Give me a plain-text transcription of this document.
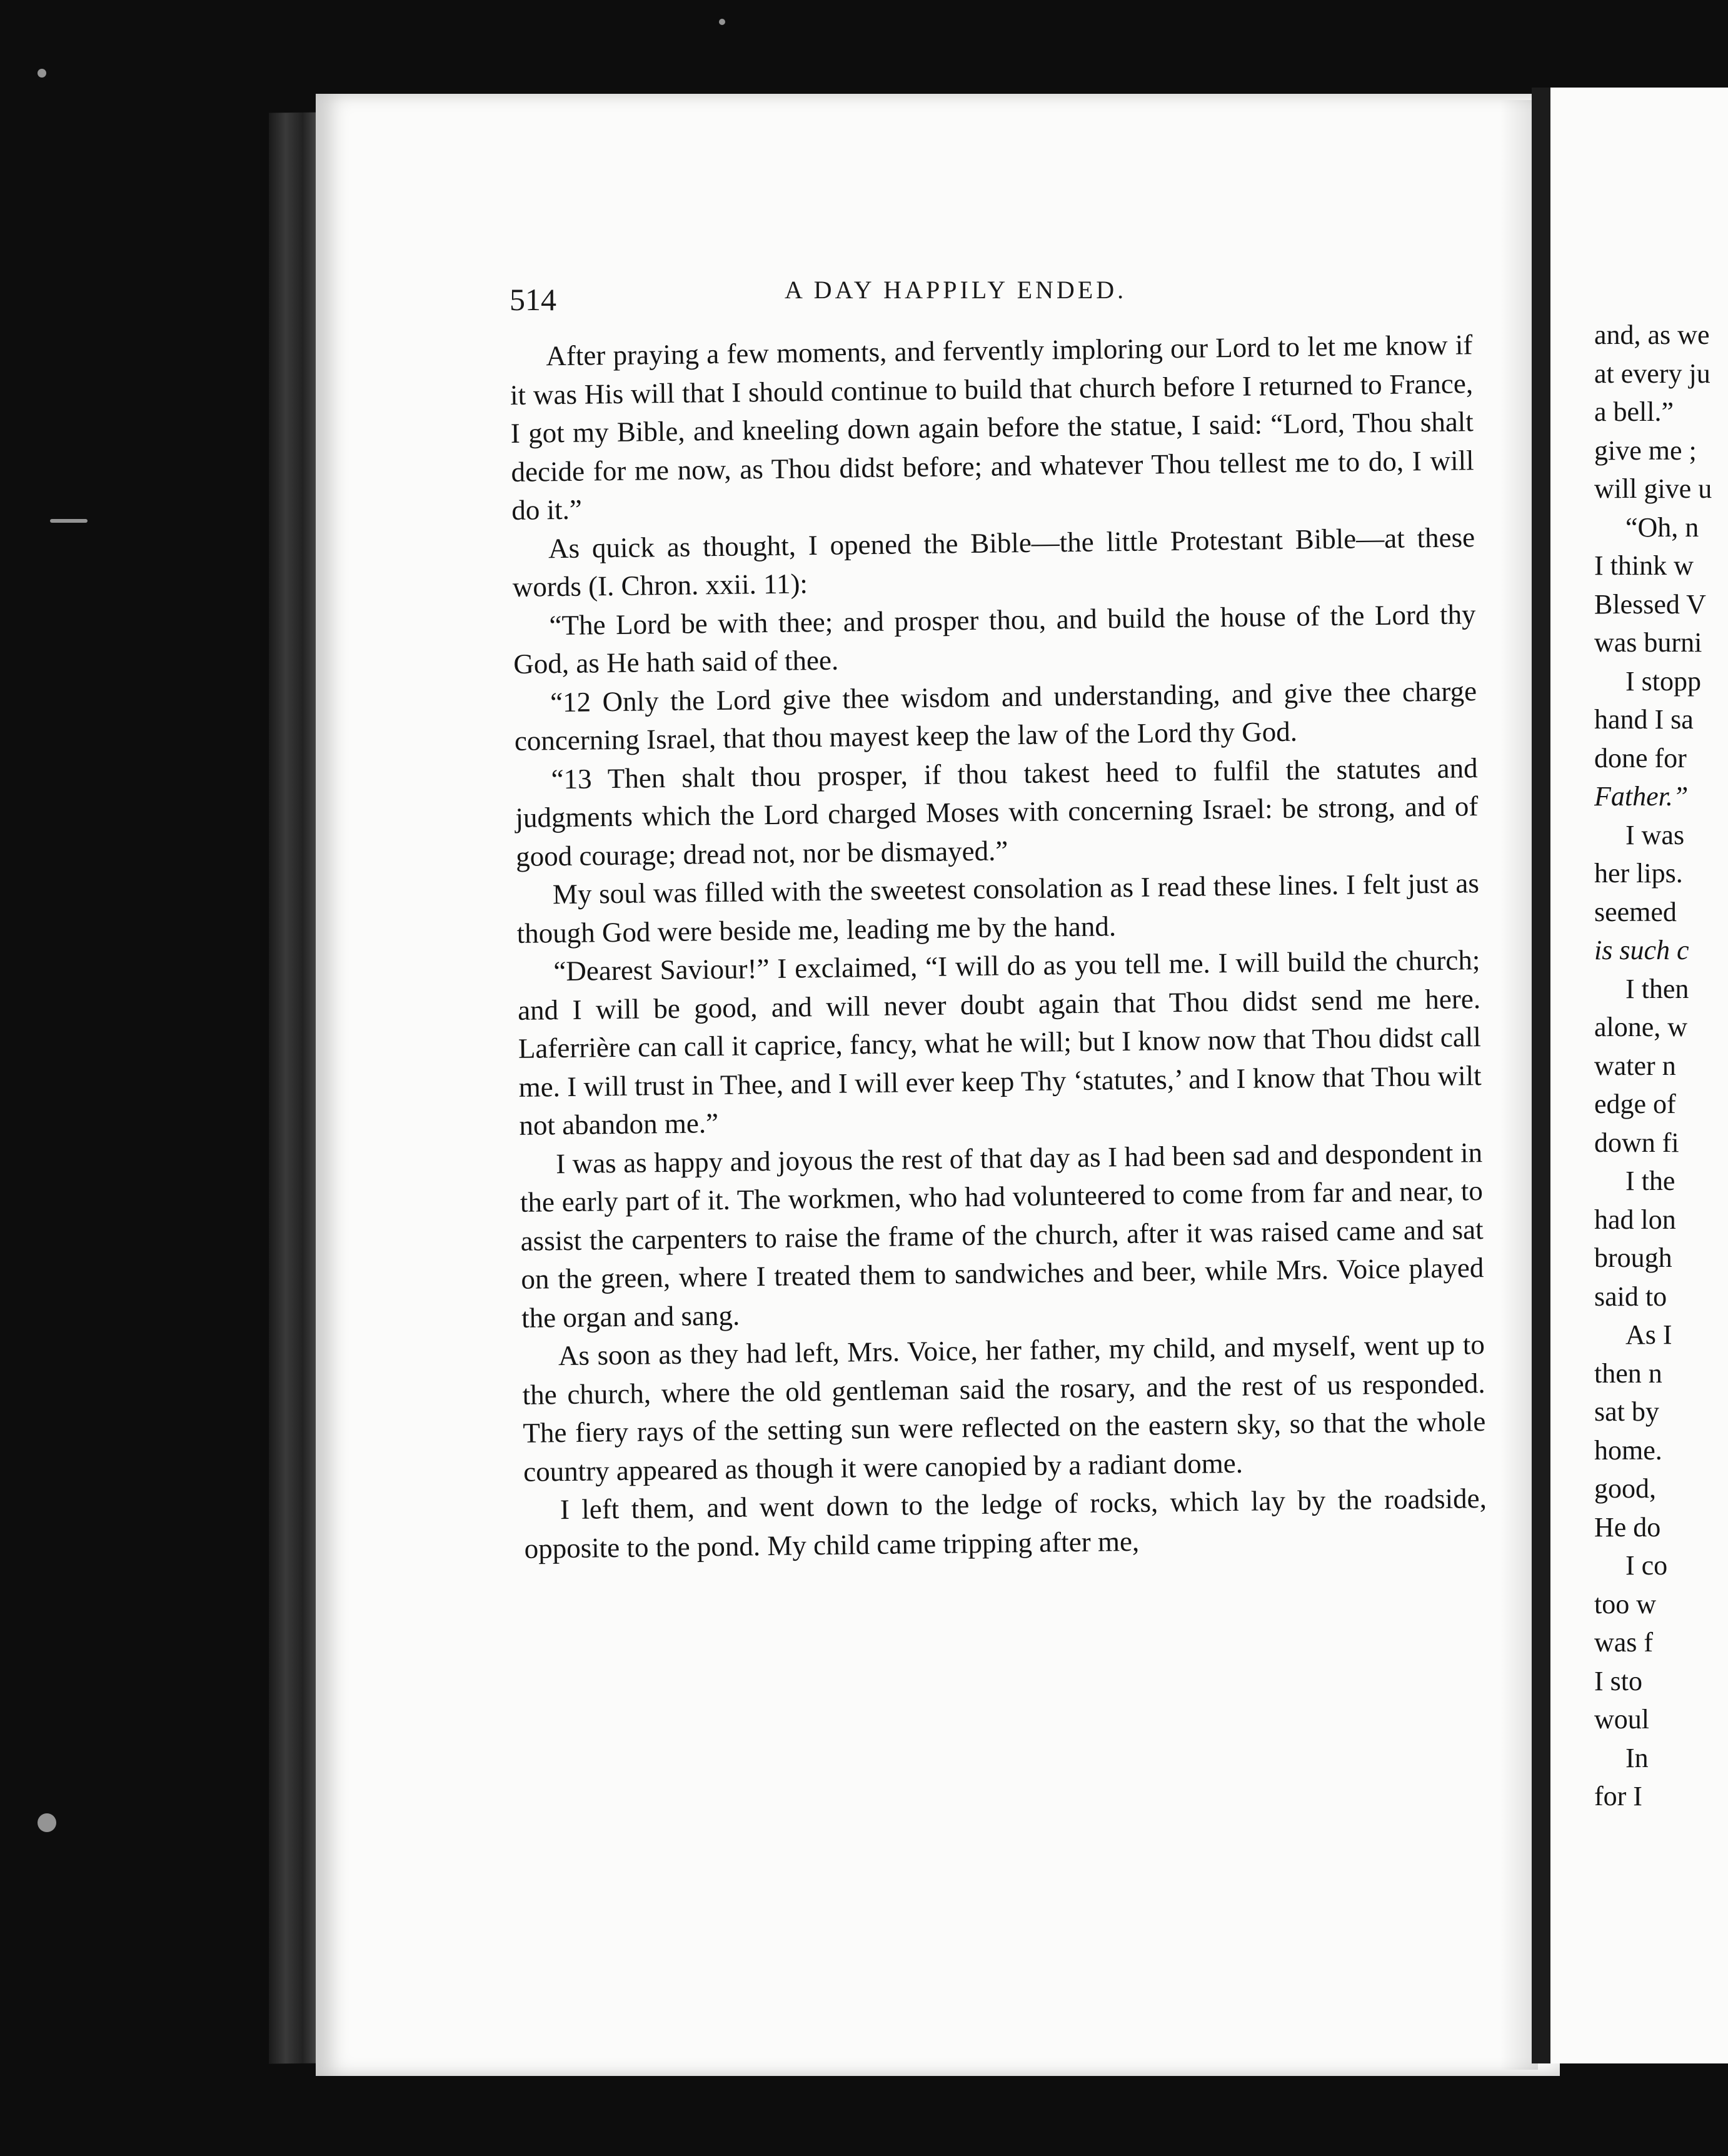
514	A DAY HAPPILY ENDED.

After praying a few moments, and fervently imploring our Lord to let me know if it was His will that I should continue to build that church before I returned to France, I got my Bible, and kneeling down again before the statue, I said: “Lord, Thou shalt decide for me now, as Thou didst before; and whatever Thou tellest me to do, I will do it.”

As quick as thought, I opened the Bible—the little Protestant Bible—at these words (I. Chron. xxii. 11):

“The Lord be with thee; and prosper thou, and build the house of the Lord thy God, as He hath said of thee.

“12 Only the Lord give thee wisdom and understanding, and give thee charge concerning Israel, that thou mayest keep the law of the Lord thy God.

“13 Then shalt thou prosper, if thou takest heed to fulfil the statutes and judgments which the Lord charged Moses with concerning Israel: be strong, and of good courage; dread not, nor be dismayed.”

My soul was filled with the sweetest consolation as I read these lines. I felt just as though God were beside me, leading me by the hand.

“Dearest Saviour!” I exclaimed, “I will do as you tell me. I will build the church; and I will be good, and will never doubt again that Thou didst send me here. Laferrière can call it caprice, fancy, what he will; but I know now that Thou didst call me. I will trust in Thee, and I will ever keep Thy ‘statutes,’ and I know that Thou wilt not abandon me.”

I was as happy and joyous the rest of that day as I had been sad and despondent in the early part of it. The workmen, who had volunteered to come from far and near, to assist the carpenters to raise the frame of the church, after it was raised came and sat on the green, where I treated them to sandwiches and beer, while Mrs. Voice played the organ and sang.

As soon as they had left, Mrs. Voice, her father, my child, and myself, went up to the church, where the old gentleman said the rosary, and the rest of us responded. The fiery rays of the setting sun were reflected on the eastern sky, so that the whole country appeared as though it were canopied by a radiant dome.

I left them, and went down to the ledge of rocks, which lay by the roadside, opposite to the pond. My child came tripping after me,

and, as we
at every ju
a bell.”
give me ;
will give u
“Oh, n
I think w
Blessed V
was burni
I stopp
hand I sa
done for
Father.”
I was
her lips.
seemed
is such c
I then
alone, w
water n
edge of
down fi
I the
had lon
brough
said to
As I
then n
sat by
home.
good,
He do
I co
too w
was f
I sto
woul
In
for I
